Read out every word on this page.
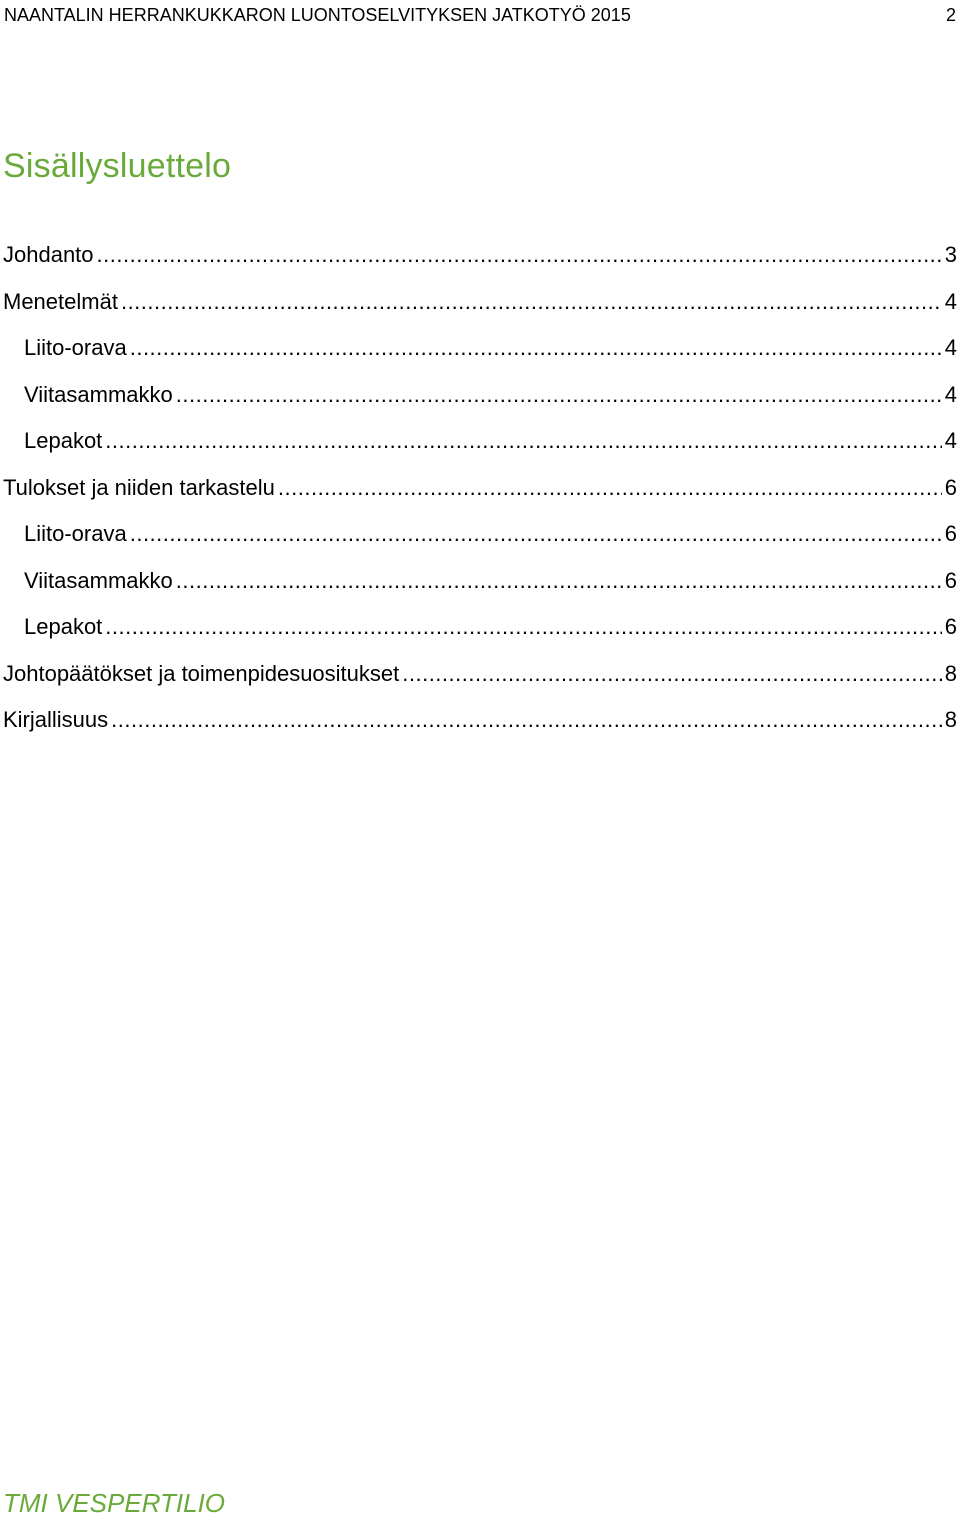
NAANTALIN HERRANKUKKARON LUONTOSELVITYKSEN JATKOTYÖ 2015	2
Sisällysluettelo
Johdanto .....	3
Menetelmät .....	4
Liito-orava .....	4
Viitasammakko .....	4
Lepakot .....	4
Tulokset ja niiden tarkastelu .....	6
Liito-orava .....	6
Viitasammakko .....	6
Lepakot .....	6
Johtopäätökset ja toimenpidesuositukset .....	8
Kirjallisuus .....	8
TMI VESPERTILIO
